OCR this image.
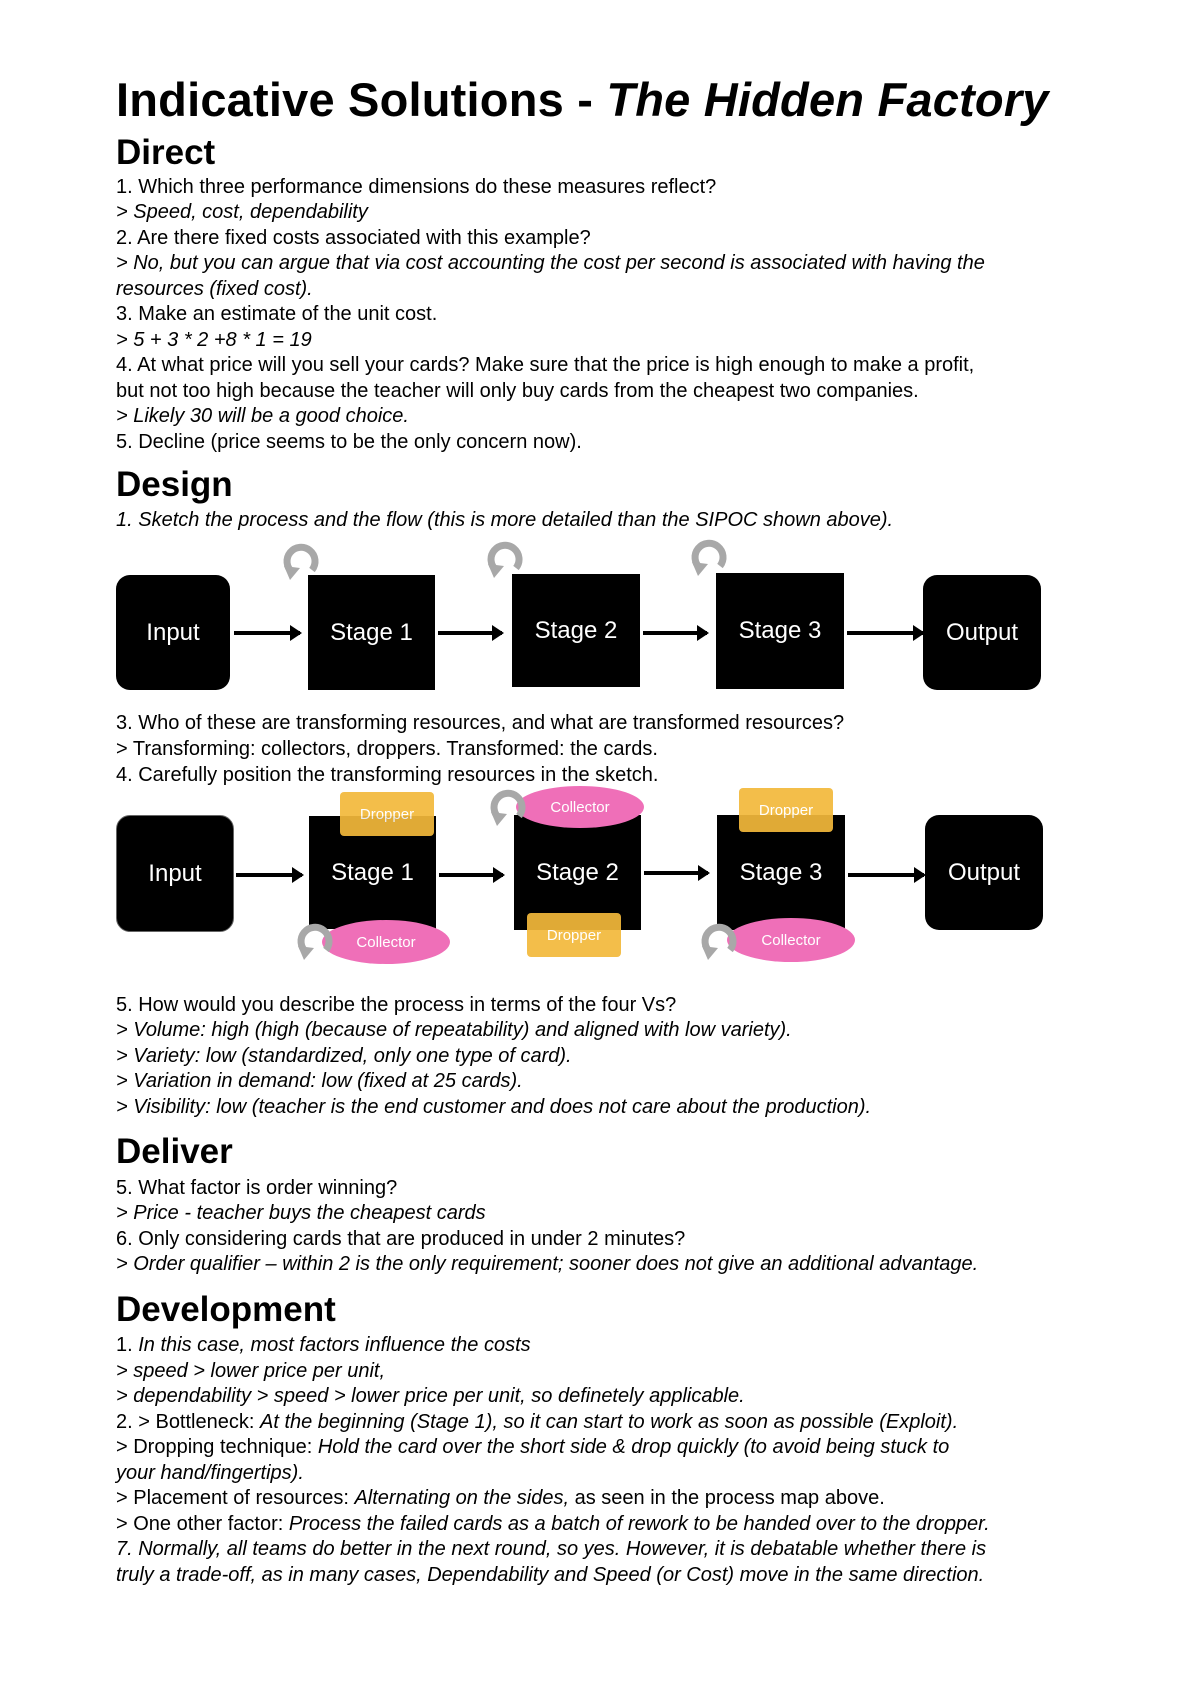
Indicative Solutions - The Hidden Factory
Direct
1. Which three performance dimensions do these measures reflect?
> Speed, cost, dependability
2. Are there fixed costs associated with this example?
> No, but you can argue that via cost accounting the cost per second is associated with having the
resources (fixed cost).
3. Make an estimate of the unit cost.
> 5 + 3 * 2 +8 * 1 = 19
4. At what price will you sell your cards? Make sure that the price is high enough to make a profit,
but not too high because the teacher will only buy cards from the cheapest two companies.
> Likely 30 will be a good choice.
5. Decline (price seems to be the only concern now).
Design
1. Sketch the process and the flow (this is more detailed than the SIPOC shown above).
Input	Stage 1	Stage 2	Stage 3	Output
3. Who of these are transforming resources, and what are transformed resources?
> Transforming: collectors, droppers. Transformed: the cards.
4. Carefully position the transforming resources in the sketch.
Input	Stage 1	Stage 2	Stage 3	Output
Dropper	Collector	Dropper
Collector	Dropper	Collector
5. How would you describe the process in terms of the four Vs?
> Volume: high (high (because of repeatability) and aligned with low variety).
> Variety: low (standardized, only one type of card).
> Variation in demand: low (fixed at 25 cards).
> Visibility: low (teacher is the end customer and does not care about the production).
Deliver
5. What factor is order winning?
> Price - teacher buys the cheapest cards
6. Only considering cards that are produced in under 2 minutes?
> Order qualifier – within 2 is the only requirement; sooner does not give an additional advantage.
Development
1. In this case, most factors influence the costs
> speed > lower price per unit,
> dependability > speed > lower price per unit, so definetely applicable.
2. > Bottleneck: At the beginning (Stage 1), so it can start to work as soon as possible (Exploit).
> Dropping technique: Hold the card over the short side & drop quickly (to avoid being stuck to
your hand/fingertips).
> Placement of resources: Alternating on the sides, as seen in the process map above.
> One other factor: Process the failed cards as a batch of rework to be handed over to the dropper.
7. Normally, all teams do better in the next round, so yes. However, it is debatable whether there is
truly a trade-off, as in many cases, Dependability and Speed (or Cost) move in the same direction.
